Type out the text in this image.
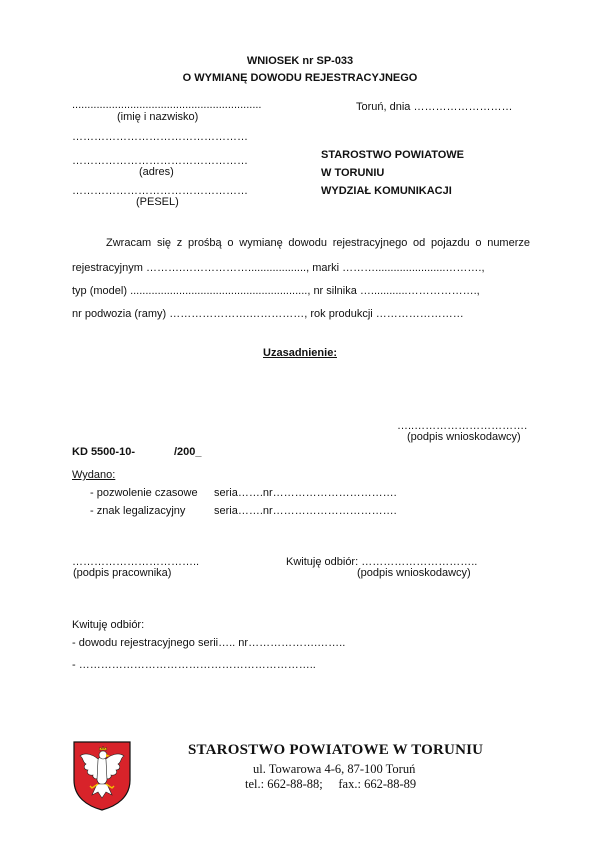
WNIOSEK nr SP-033
O WYMIANĘ DOWODU REJESTRACYJNEGO
..............................................................
(imię i nazwisko)
…………………………………………
…………………………………………
(adres)
…………………………………………
(PESEL)
Toruń, dnia ………………………
STAROSTWO POWIATOWE
W TORUNIU
WYDZIAŁ KOMUNIKACJI
Zwracam się z prośbą o wymianę dowodu rejestracyjnego od pojazdu o numerze
rejestracyjnym ……….………………..................., marki ……….......................……….,
typ (model) .........................................................., nr silnika …............……………….,
nr podwozia (ramy) ………………….……………, rok produkcji ……………………
Uzasadnienie:
…..………………………….
(podpis wnioskodawcy)
KD 5500-10-	/200_
Wydano:
- pozwolenie czasowe seria…….nr…………………………….
- znak legalizacyjny	seria…….nr…………………………….
……………………………..
(podpis pracownika)
Kwituję odbiór: …………………………..
(podpis wnioskodawcy)
Kwituję odbiór:
- dowodu rejestracyjnego serii….. nr……………….……..
- ………………………………………………………..
STAROSTWO POWIATOWE W TORUNIU
ul. Towarowa 4-6, 87-100 Toruń
tel.: 662-88-88;     fax.: 662-88-89
